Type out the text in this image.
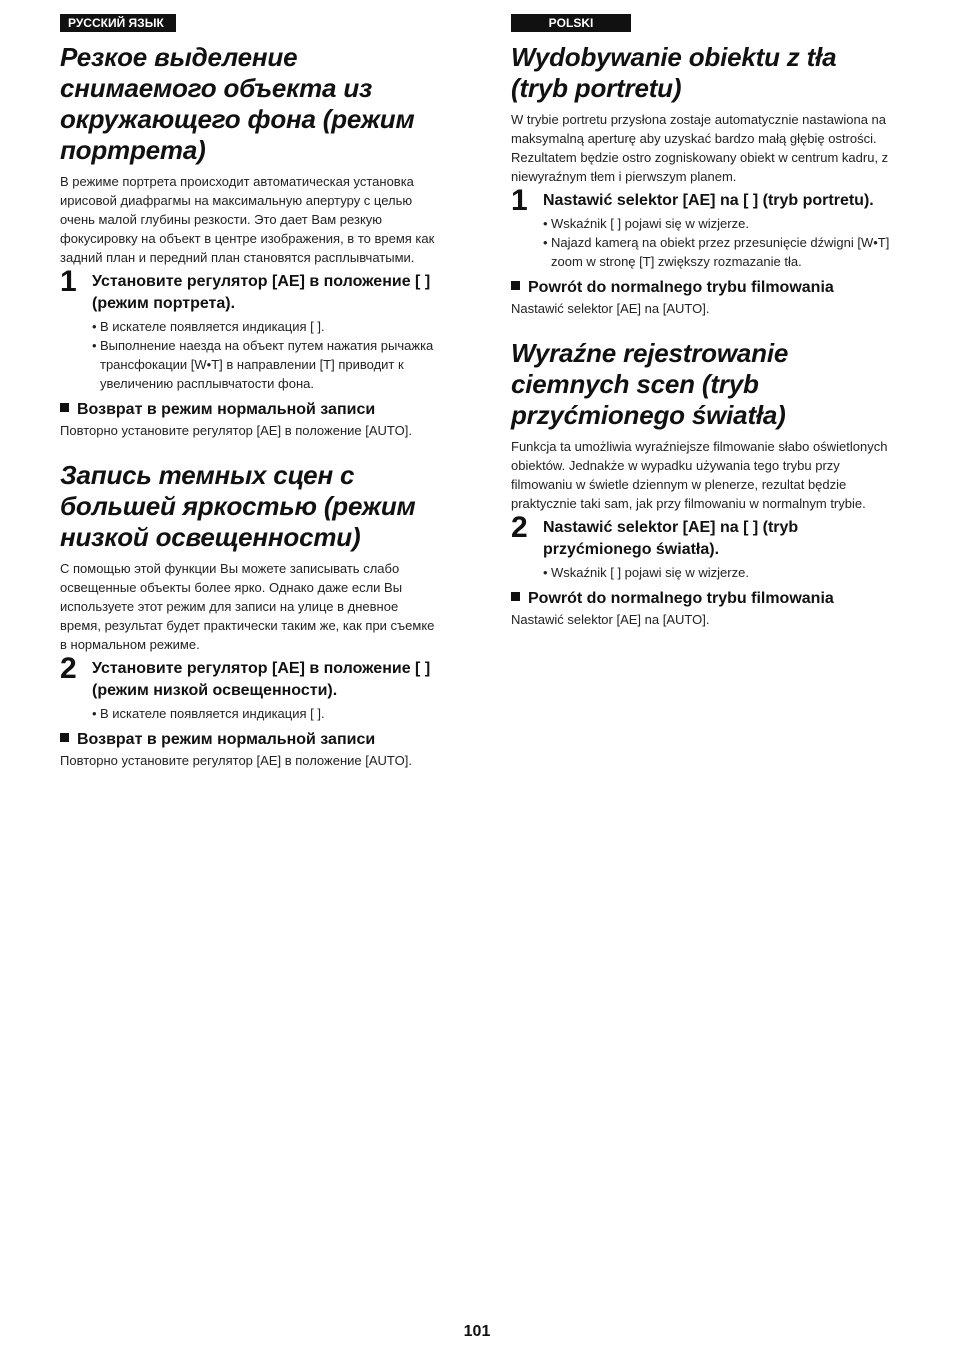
РУССКИЙ ЯЗЫК
Резкое выделение снимаемого объекта из окружающего фона (режим портрета)

В режиме портрета происходит автоматическая установка ирисовой диафрагмы на максимальную апертуру с целью очень малой глубины резкости. Это дает Вам резкую фокусировку на объект в центре изображения, в то время как задний план и передний план становятся расплывчатыми.

1 Установите регулятор [AE] в положение [ ] (режим портрета).

• В искателе появляется индикация [ ].
• Выполнение наезда на объект путем нажатия рычажка трансфокации [W•T] в направлении [T] приводит к увеличению расплывчатости фона.
Возврат в режим нормальной записи

Повторно установите регулятор [AE] в положение [AUTO].

Запись темных сцен с большей яркостью (режим низкой освещенности)

С помощью этой функции Вы можете записывать слабо освещенные объекты более ярко. Однако даже если Вы используете этот режим для записи на улице в дневное время, результат будет практически таким же, как при съемке в нормальном режиме.

2 Установите регулятор [AE] в положение [ ] (режим низкой освещенности).

• В искателе появляется индикация [ ].
Возврат в режим нормальной записи

Повторно установите регулятор [AE] в положение [AUTO].

POLSKI
Wydobywanie obiektu z tła (tryb portretu)

W trybie portretu przysłona zostaje automatycznie nastawiona na maksymalną aperturę aby uzyskać bardzo małą głębię ostrości. Rezultatem będzie ostro zogniskowany obiekt w centrum kadru, z niewyraźnym tłem i pierwszym planem.

1 Nastawić selektor [AE] na [ ] (tryb portretu).

• Wskaźnik [ ] pojawi się w wizjerze.
• Najazd kamerą na obiekt przez przesunięcie dźwigni [W•T] zoom w stronę [T] zwiększy rozmazanie tła.
Powrót do normalnego trybu filmowania

Nastawić selektor [AE] na [AUTO].

Wyraźne rejestrowanie ciemnych scen (tryb przyćmionego światła)

Funkcja ta umożliwia wyraźniejsze filmowanie słabo oświetlonych obiektów. Jednakże w wypadku używania tego trybu przy filmowaniu w świetle dziennym w plenerze, rezultat będzie praktycznie taki sam, jak przy filmowaniu w normalnym trybie.

2 Nastawić selektor [AE] na [ ] (tryb przyćmionego światła).

• Wskaźnik [ ] pojawi się w wizjerze.
Powrót do normalnego trybu filmowania

Nastawić selektor [AE] na [AUTO].

101
